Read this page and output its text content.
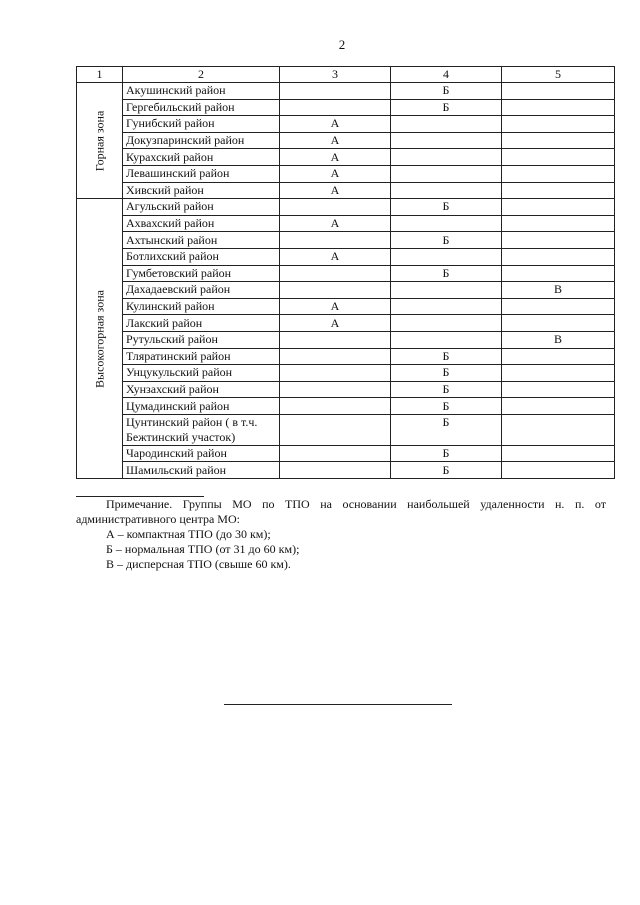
2
1	2	3	4	5

Горная зона	Акушинский район		Б	
	Гергебильский район		Б	
	Гунибский район	А		
	Докузпаринский район	А		
	Курахский район	А		
	Левашинский район	А		
	Хивский район	А		

Высокогорная зона	Агульский район		Б	
	Ахвахский район	А		
	Ахтынский район		Б	
	Ботлихский район	А		
	Гумбетовский район		Б	
	Дахадаевский район			В
	Кулинский район	А		
	Лакский район	А		
	Рутульский район			В
	Тляратинский район		Б	
	Унцукульский район		Б	
	Хунзахский район		Б	
	Цумадинский район		Б	
	Цунтинский район ( в т.ч. Бежтинский участок)		Б	
	Чародинский район		Б	
	Шамильский район		Б	

Примечание. Группы МО по ТПО на основании наибольшей удаленности н. п. от административного центра МО:

А – компактная ТПО (до 30 км);

Б – нормальная ТПО (от 31 до 60 км);

В – дисперсная ТПО (свыше 60 км).
